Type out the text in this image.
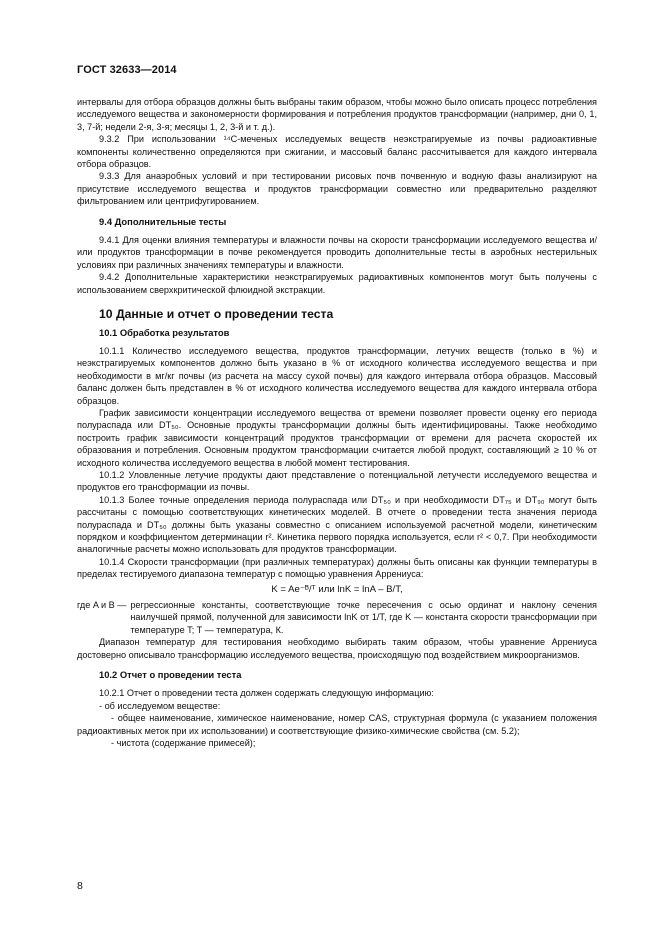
ГОСТ 32633—2014

интервалы для отбора образцов должны быть выбраны таким образом, чтобы можно было описать процесс потребления исследуемого вещества и закономерности формирования и потребления продуктов трансформации (например, дни 0, 1, 3, 7-й; недели 2-я, 3-я; месяцы 1, 2, 3-й и т. д.).

9.3.2 При использовании ¹⁴С-меченых исследуемых веществ неэкстрагируемые из почвы радиоактивные компоненты количественно определяются при сжигании, и массовый баланс рассчитывается для каждого интервала отбора образцов.

9.3.3 Для анаэробных условий и при тестировании рисовых почв почвенную и водную фазы анализируют на присутствие исследуемого вещества и продуктов трансформации совместно или предварительно разделяют фильтрованием или центрифугированием.

9.4 Дополнительные тесты

9.4.1 Для оценки влияния температуры и влажности почвы на скорости трансформации исследуемого вещества и/или продуктов трансформации в почве рекомендуется проводить дополнительные тесты в аэробных нестерильных условиях при различных значениях температуры и влажности.

9.4.2 Дополнительные характеристики неэкстрагируемых радиоактивных компонентов могут быть получены с использованием сверхкритической флюидной экстракции.

10 Данные и отчет о проведении теста

10.1 Обработка результатов

10.1.1 Количество исследуемого вещества, продуктов трансформации, летучих веществ (только в %) и неэкстрагируемых компонентов должно быть указано в % от исходного количества исследуемого вещества и при необходимости в мг/кг почвы (из расчета на массу сухой почвы) для каждого интервала отбора образцов. Массовый баланс должен быть представлен в % от исходного количества исследуемого вещества для каждого интервала отбора образцов.

График зависимости концентрации исследуемого вещества от времени позволяет провести оценку его периода полураспада или DT₅₀. Основные продукты трансформации должны быть идентифицированы. Также необходимо построить график зависимости концентраций продуктов трансформации от времени для расчета скоростей их образования и потребления. Основным продуктом трансформации считается любой продукт, составляющий ≥ 10 % от исходного количества исследуемого вещества в любой момент тестирования.

10.1.2 Уловленные летучие продукты дают представление о потенциальной летучести исследуемого вещества и продуктов его трансформации из почвы.

10.1.3 Более точные определения периода полураспада или DT₅₀ и при необходимости DT₇₅ и DT₉₀ могут быть рассчитаны с помощью соответствующих кинетических моделей. В отчете о проведении теста значения периода полураспада и DT₅₀ должны быть указаны совместно с описанием используемой расчетной модели, кинетическим порядком и коэффициентом детерминации r². Кинетика первого порядка используется, если r² < 0,7. При необходимости аналогичные расчеты можно использовать для продуктов трансформации.

10.1.4 Скорости трансформации (при различных температурах) должны быть описаны как функции температуры в пределах тестируемого диапазона температур с помощью уравнения Аррениуса:

K = Ae⁻ᴮ/ᵀ или lnK = lnA – B/T,

где A и B — регрессионные константы, соответствующие точке пересечения с осью ординат и наклону сечения наилучшей прямой, полученной для зависимости lnK от 1/T, где K — константа скорости трансформации при температуре T; T — температура, К.

Диапазон температур для тестирования необходимо выбирать таким образом, чтобы уравнение Аррениуса достоверно описывало трансформацию исследуемого вещества, происходящую под воздействием микроорганизмов.

10.2 Отчет о проведении теста

10.2.1 Отчет о проведении теста должен содержать следующую информацию:

- об исследуемом веществе:

- общее наименование, химическое наименование, номер CAS, структурная формула (с указанием положения радиоактивных меток при их использовании) и соответствующие физико-химические свойства (см. 5.2);

- чистота (содержание примесей);

8
